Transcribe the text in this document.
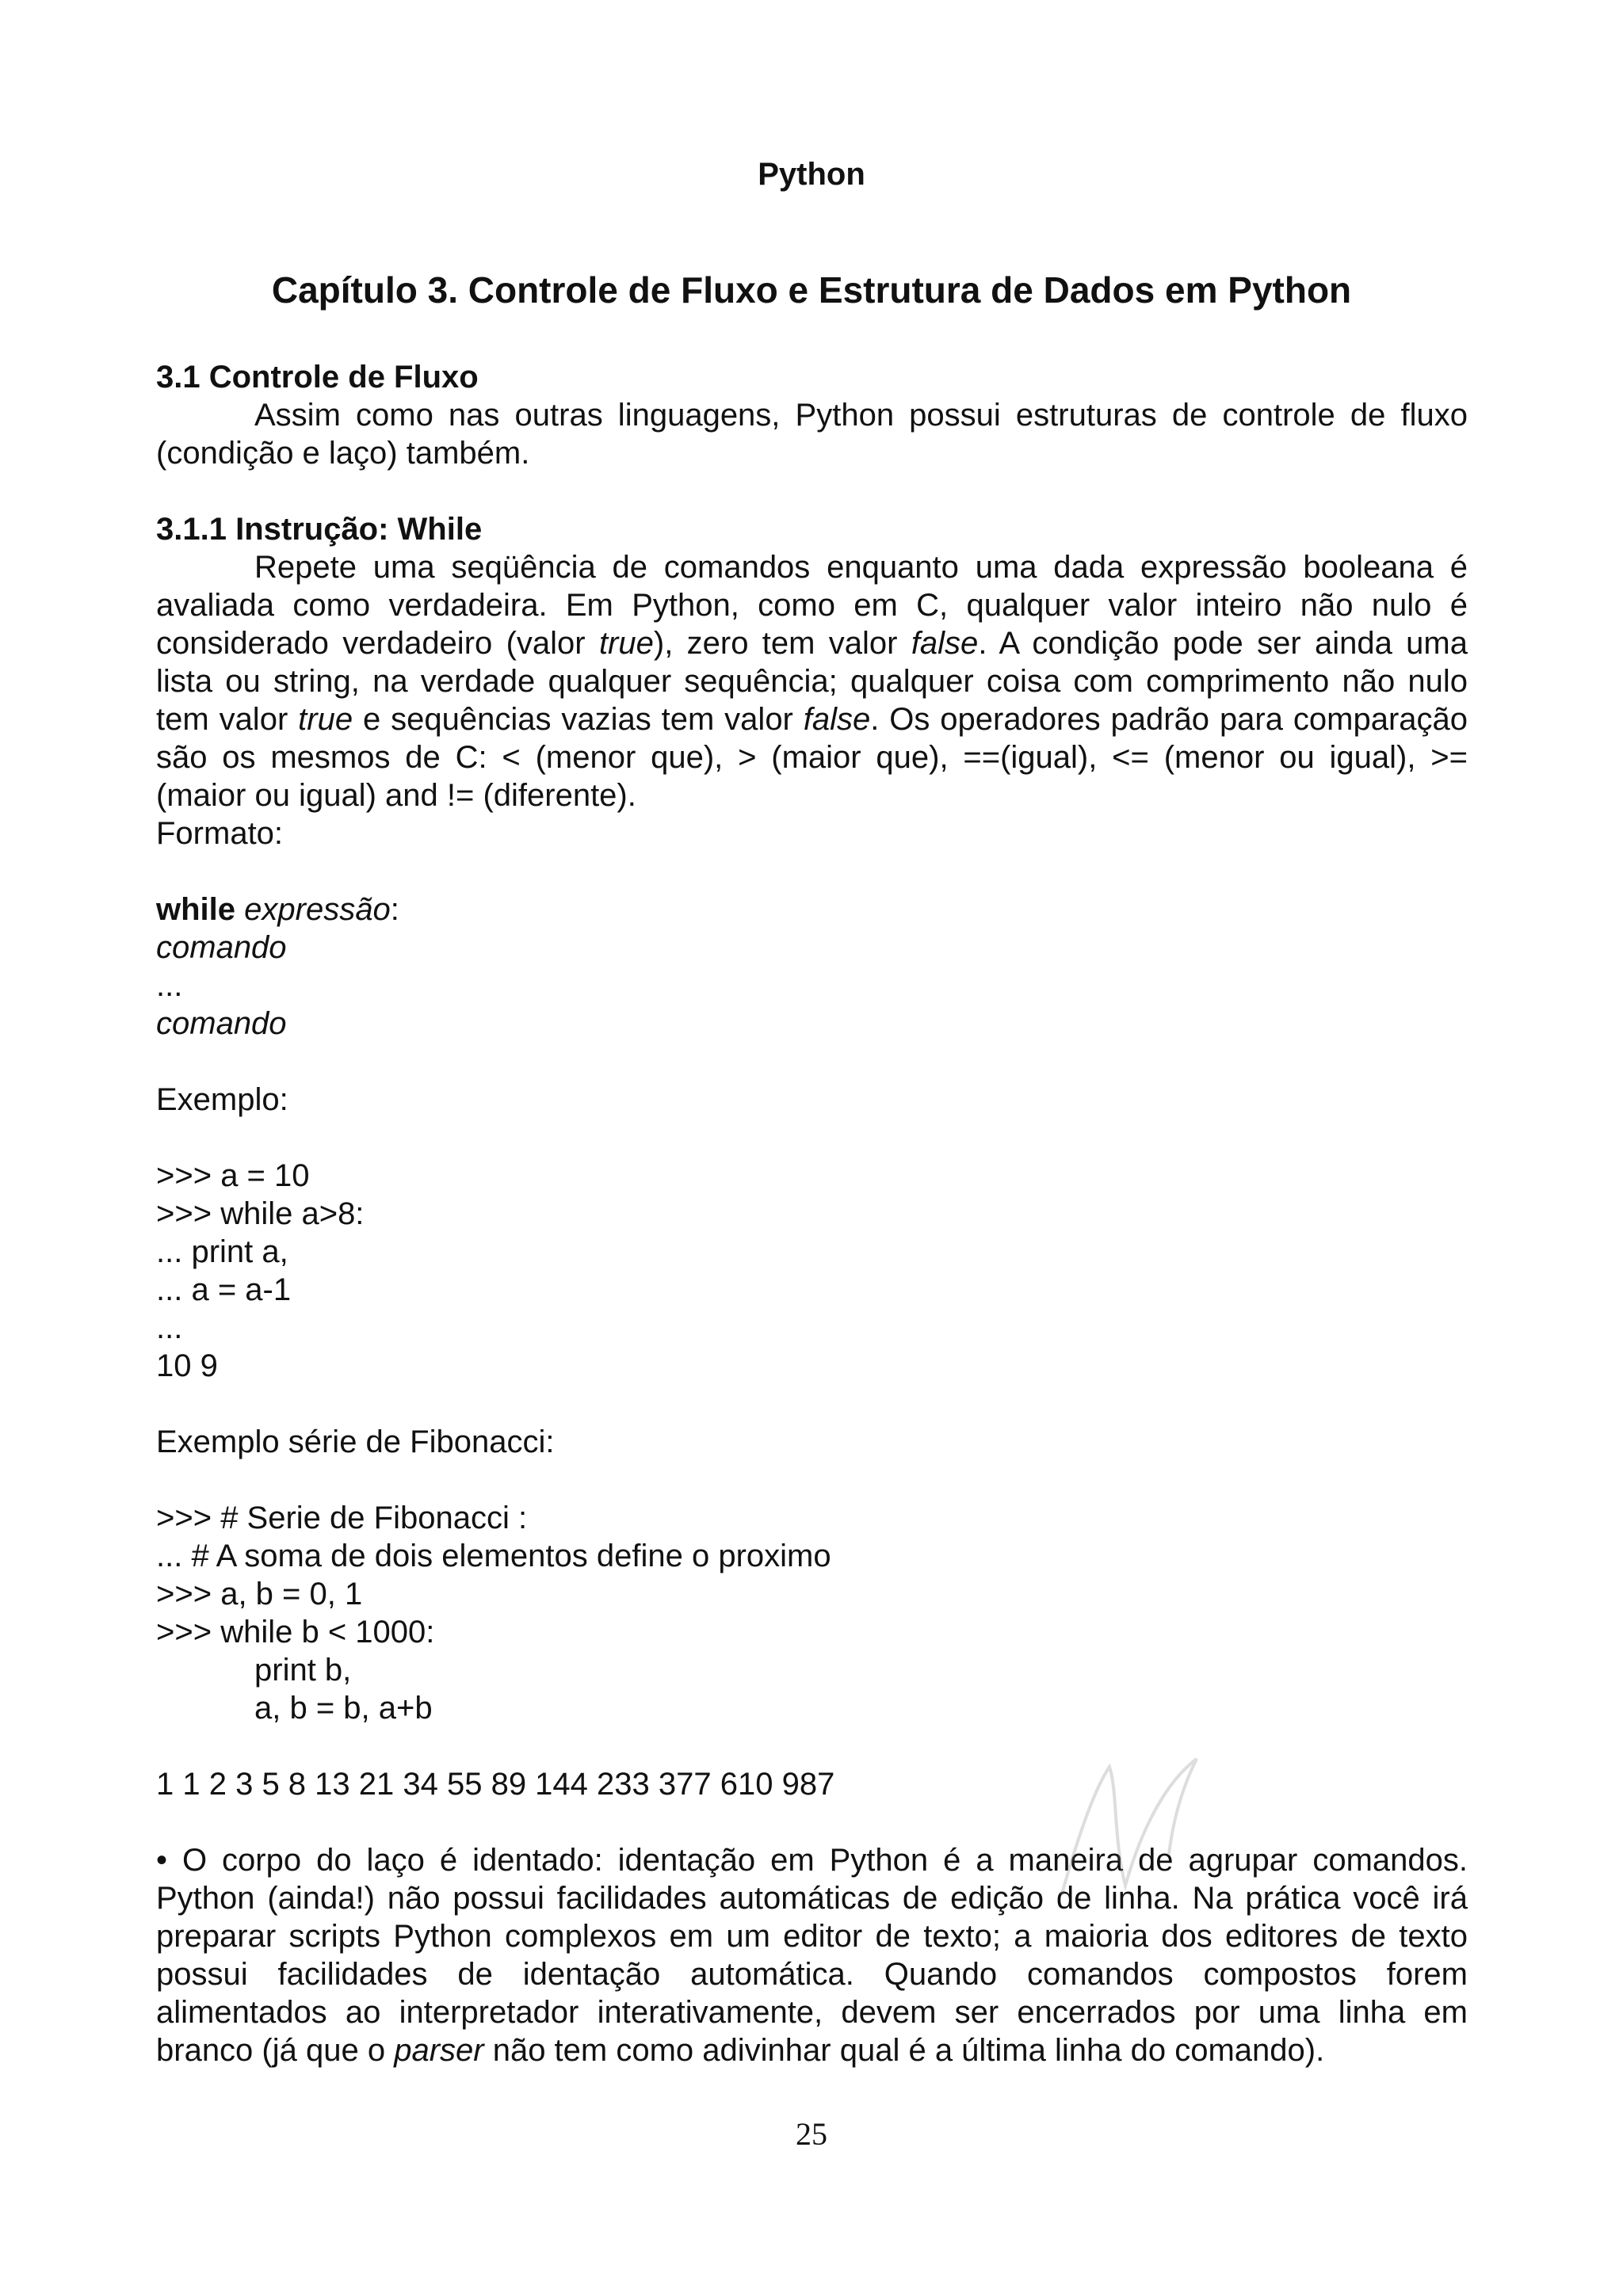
Python
Capítulo 3. Controle de Fluxo e Estrutura de Dados em Python

3.1 Controle de Fluxo

Assim como nas outras linguagens, Python possui estruturas de controle de fluxo (condição e laço) também.

3.1.1 Instrução: While

Repete uma seqüência de comandos enquanto uma dada expressão booleana é avaliada como verdadeira. Em Python, como em C, qualquer valor inteiro não nulo é considerado verdadeiro (valor true), zero tem valor false. A condição pode ser ainda uma lista ou string, na verdade qualquer sequência; qualquer coisa com comprimento não nulo tem valor true e sequências vazias tem valor false. Os operadores padrão para comparação são os mesmos de C: < (menor que), > (maior que), ==(igual), <= (menor ou igual), >= (maior ou igual) and != (diferente).

Formato:

while expressão:

comando

...

comando

Exemplo:

>>> a = 10

>>> while a>8:

... print a,

... a = a-1

...

10 9

Exemplo série de Fibonacci:

>>> # Serie de Fibonacci :

... # A soma de dois elementos define o proximo

>>> a, b = 0, 1

>>> while b < 1000:

print b,

a, b = b, a+b

1 1 2 3 5 8 13 21 34 55 89 144 233 377 610 987

• O corpo do laço é identado: identação em Python é a maneira de agrupar comandos. Python (ainda!) não possui facilidades automáticas de edição de linha. Na prática você irá preparar scripts Python complexos em um editor de texto; a maioria dos editores de texto possui facilidades de identação automática. Quando comandos compostos forem alimentados ao interpretador interativamente, devem ser encerrados por uma linha em branco (já que o parser não tem como adivinhar qual é a última linha do comando).

25
